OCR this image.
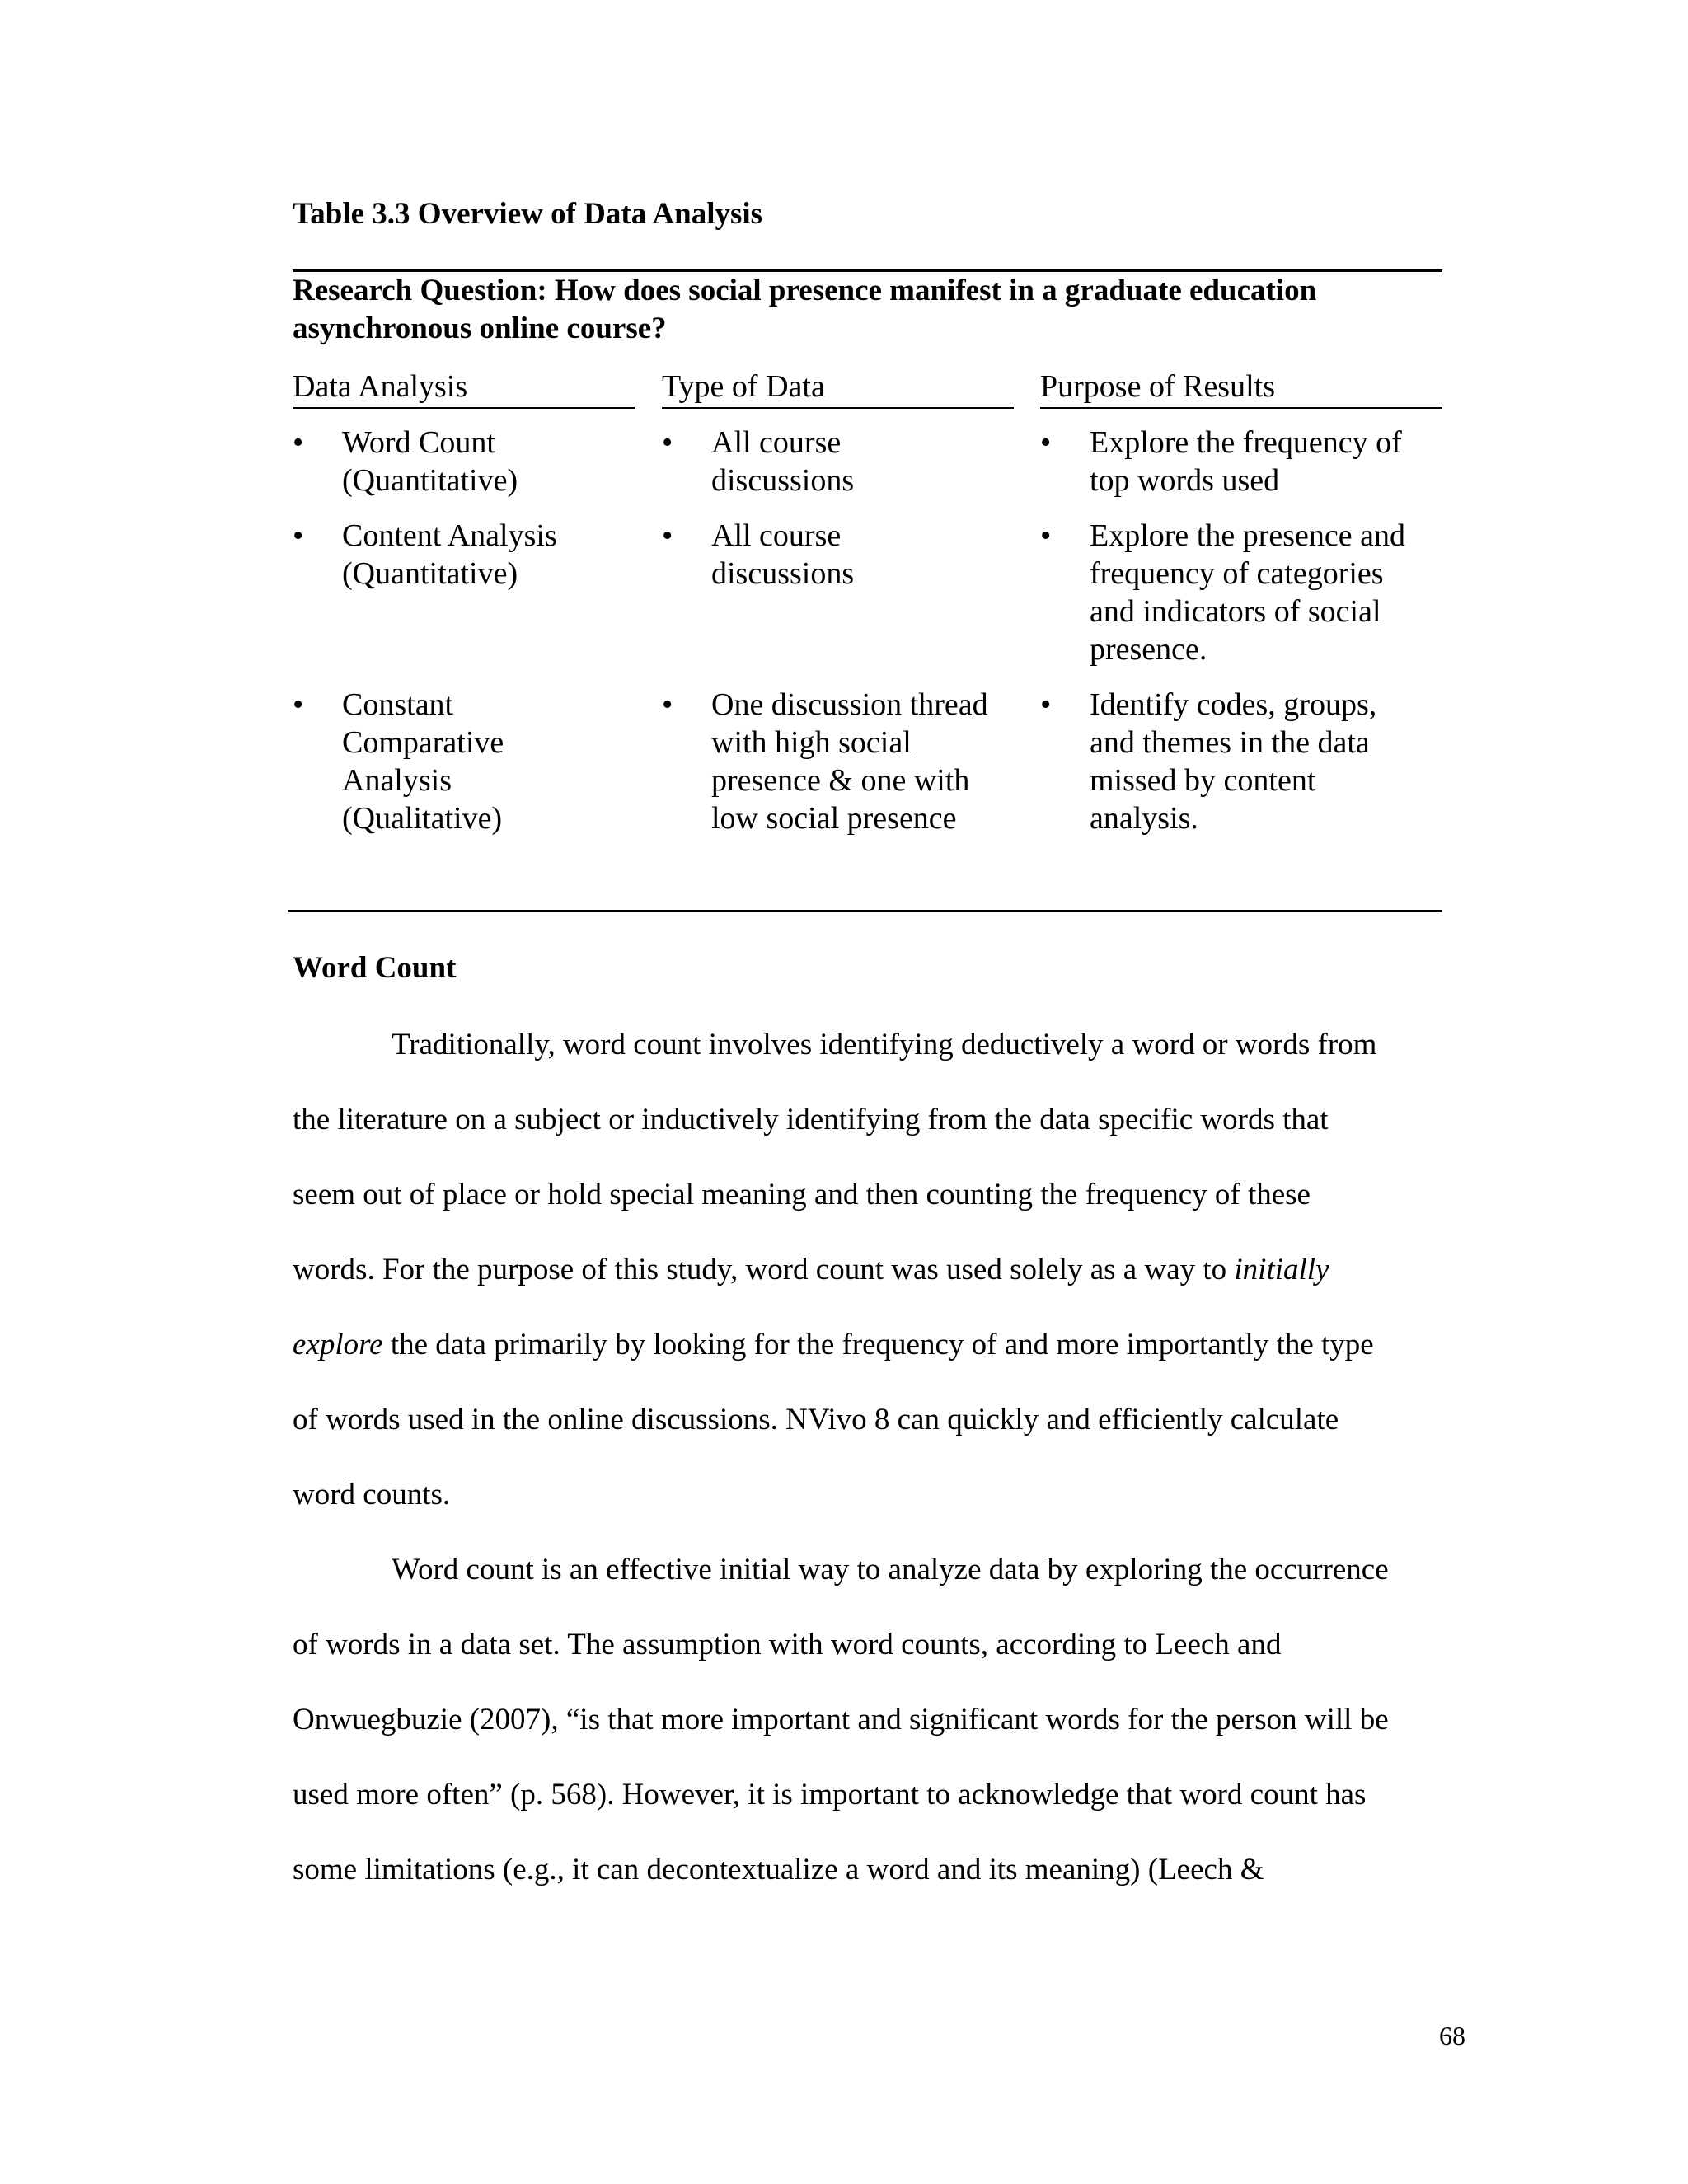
Table 3.3 Overview of Data Analysis
Research Question: How does social presence manifest in a graduate education
asynchronous online course?
Data Analysis	Type of Data	Purpose of Results
• Word Count
(Quantitative)
• All course
discussions
• Explore the frequency of
top words used
• Content Analysis
(Quantitative)
• All course
discussions
• Explore the presence and
frequency of categories
and indicators of social
presence.
• Constant
Comparative
Analysis
(Qualitative)
• One discussion thread
with high social
presence & one with
low social presence
• Identify codes, groups,
and themes in the data
missed by content
analysis.
Word Count
Traditionally, word count involves identifying deductively a word or words from
the literature on a subject or inductively identifying from the data specific words that
seem out of place or hold special meaning and then counting the frequency of these
words. For the purpose of this study, word count was used solely as a way to initially
explore the data primarily by looking for the frequency of and more importantly the type
of words used in the online discussions. NVivo 8 can quickly and efficiently calculate
word counts.
Word count is an effective initial way to analyze data by exploring the occurrence
of words in a data set. The assumption with word counts, according to Leech and
Onwuegbuzie (2007), “is that more important and significant words for the person will be
used more often” (p. 568). However, it is important to acknowledge that word count has
some limitations (e.g., it can decontextualize a word and its meaning) (Leech &
68
